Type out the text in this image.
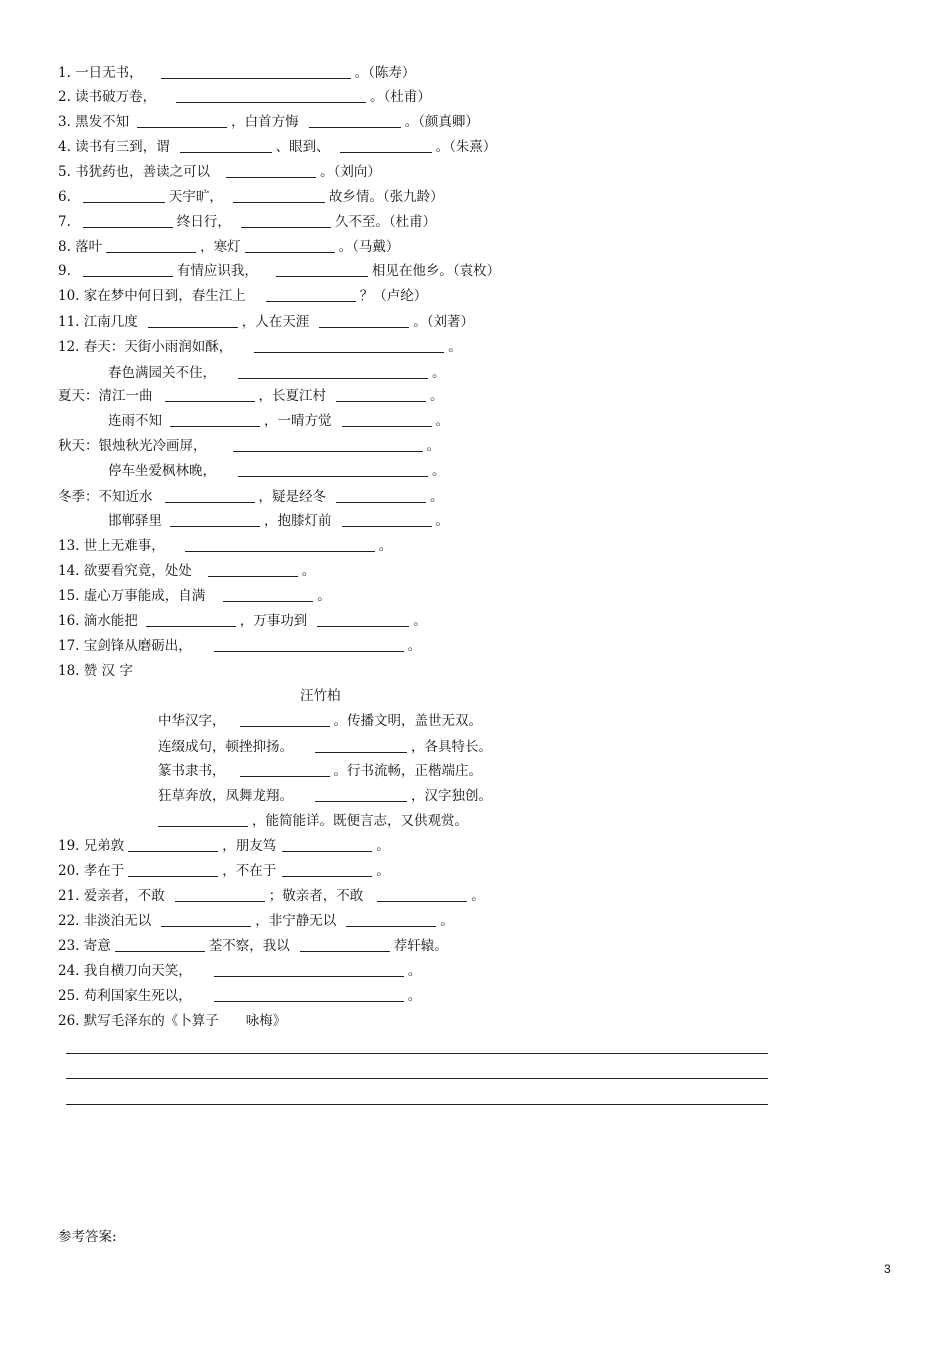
1. 一日无书，	。（陈寿）
2. 读书破万卷，	。（杜甫）
3. 黑发不知	，白首方悔	。（颜真卿）
4. 读书有三到，谓	、眼到、	。（朱熹）
5. 书犹药也，善读之可以	。（刘向）
6.	天宇旷，	故乡情。（张九龄）
7.	终日行，	久不至。（杜甫）
8. 落叶	，寒灯	。（马戴）
9.	有情应识我，	相见在他乡。（袁枚）
10. 家在梦中何日到，春生江上	？（卢纶）
11. 江南几度	，人在天涯	。（刘著）
12. 春天：天街小雨润如酥，	。
春色满园关不住，	。
夏天：清江一曲	，长夏江村	。
连雨不知	，一晴方觉	。
秋天：银烛秋光冷画屏，	。
停车坐爱枫林晚，	。
冬季：不知近水	，疑是经冬	。
邯郸驿里	，抱膝灯前	。
13. 世上无难事，	。
14. 欲要看究竟，处处	。
15. 虚心万事能成，自满	。
16. 滴水能把	，万事功到	。
17. 宝剑锋从磨砺出，	。
18. 赞 汉 字
汪竹柏
中华汉字，	。传播文明，盖世无双。
连缀成句，顿挫抑扬。	，各具特长。
篆书隶书，	。行书流畅，正楷端庄。
狂草奔放，凤舞龙翔。	，汉字独创。
，能简能详。既便言志，又供观赏。
19. 兄弟敦	，朋友笃	。
20. 孝在于	，不在于	。
21. 爱亲者，不敢	；敬亲者，不敢	。
22. 非淡泊无以	，非宁静无以	。
23. 寄意	荃不察，我以	荐轩辕。
24. 我自横刀向天笑，	。
25. 苟利国家生死以，	。
26. 默写毛泽东的《卜算子　　咏梅》
参考答案:
3
